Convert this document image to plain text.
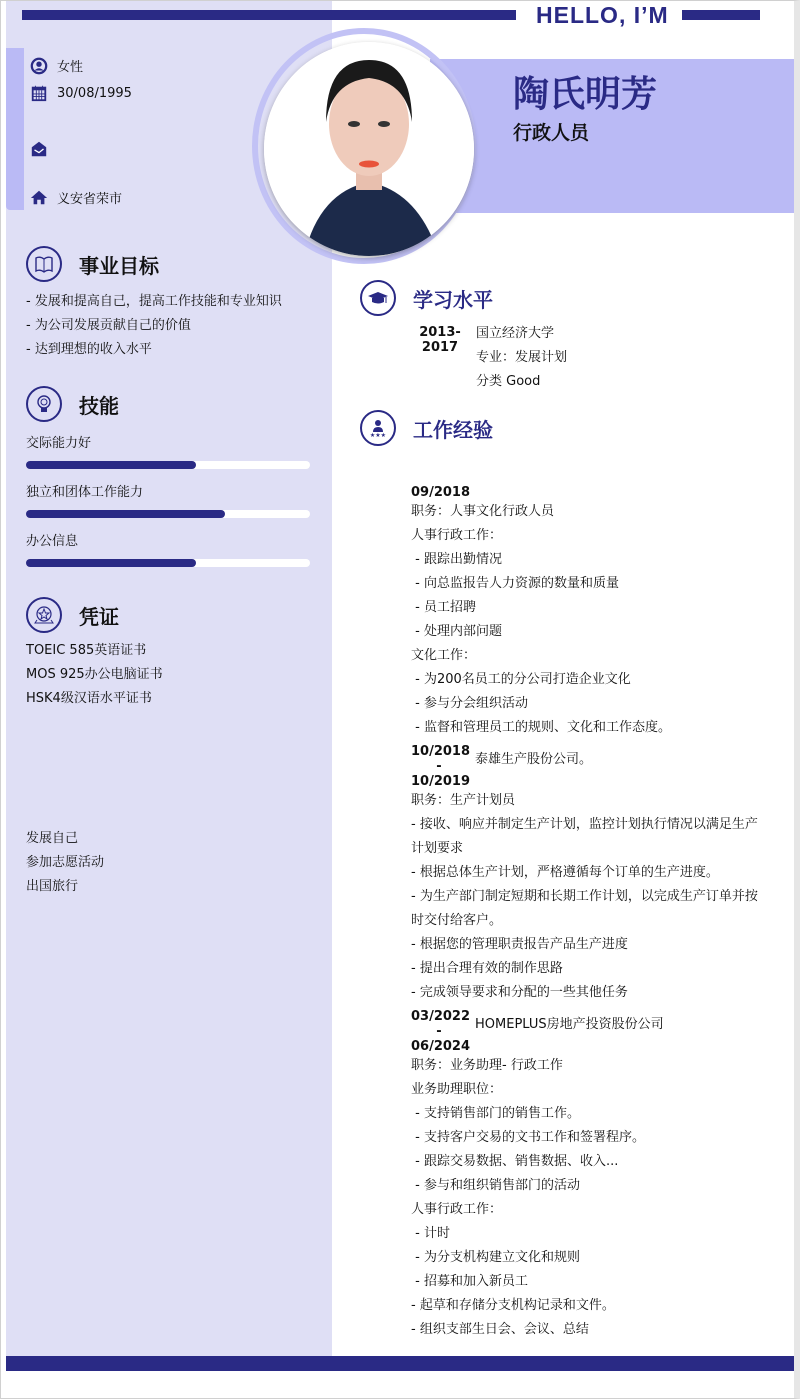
HELLO, I’M
陶氏明芳
行政人员
女性
30/08/1995
义安省荣市
事业目标
- 发展和提高自己，提高工作技能和专业知识
- 为公司发展贡献自己的价值
- 达到理想的收入水平
技能
交际能力好
独立和团体工作能力
办公信息
凭证
TOEIC 585英语证书
MOS 925办公电脑证书
HSK4级汉语水平证书
发展自己
参加志愿活动
出国旅行
学习水平
2013-
2017
国立经济大学
专业：发展计划
分类 Good
★★★ 工作经验
09/2018
职务：人事文化行政人员
人事行政工作：
- 跟踪出勤情况
- 向总监报告人力资源的数量和质量
- 员工招聘
- 处理内部问题
文化工作：
- 为200名员工的分公司打造企业文化
- 参与分会组织活动
- 监督和管理员工的规则、文化和工作态度。
10/2018
-
10/2019
泰雄生产股份公司。
职务：生产计划员
- 接收、响应并制定生产计划，监控计划执行情况以满足生产计划要求
- 根据总体生产计划，严格遵循每个订单的生产进度。
- 为生产部门制定短期和长期工作计划，以完成生产订单并按时交付给客户。
- 根据您的管理职责报告产品生产进度
- 提出合理有效的制作思路
- 完成领导要求和分配的一些其他任务
03/2022
-
06/2024
HOMEPLUS房地产投资股份公司
职务：业务助理- 行政工作
业务助理职位：
- 支持销售部门的销售工作。
- 支持客户交易的文书工作和签署程序。
- 跟踪交易数据、销售数据、收入...
- 参与和组织销售部门的活动
人事行政工作：
- 计时
- 为分支机构建立文化和规则
- 招募和加入新员工
- 起草和存储分支机构记录和文件。
- 组织支部生日会、会议、总结
